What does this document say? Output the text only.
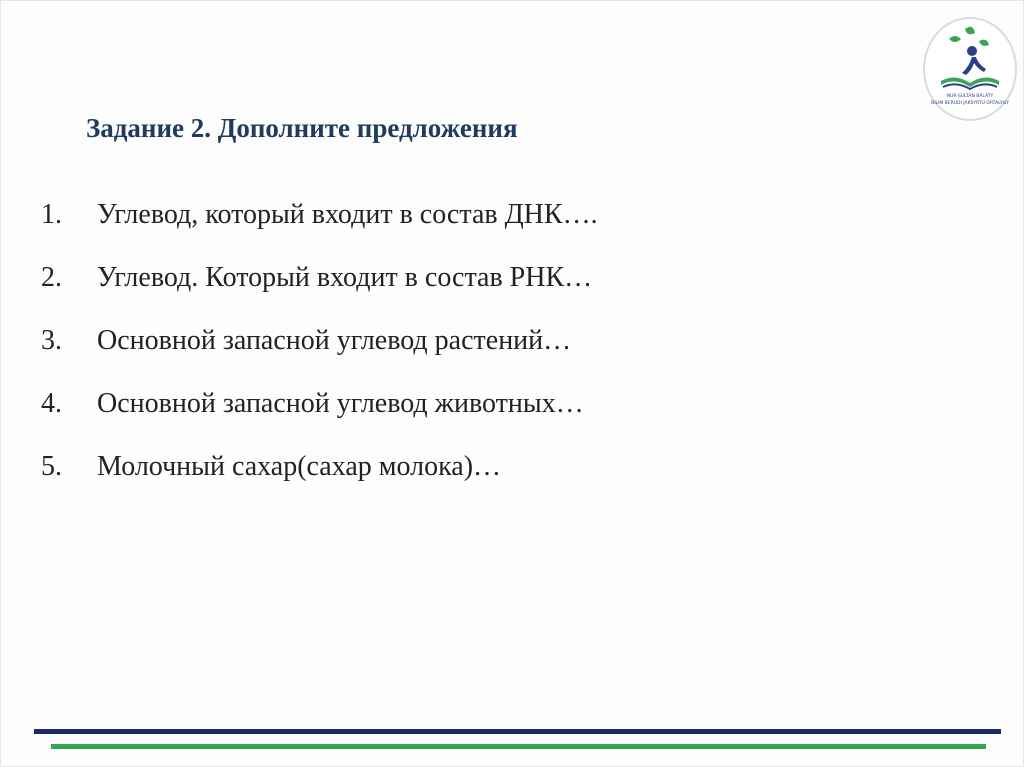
NUR-SULTAN BALATY
BILIM BERUDI JAKSYRTU ORTALYGY
Задание 2. Дополните предложения
1.	Углевод, который входит в состав ДНК….
2.	Углевод. Который входит в состав РНК…
3.	Основной запасной углевод растений…
4.	Основной запасной углевод животных…
5.	Молочный сахар(сахар молока)…
